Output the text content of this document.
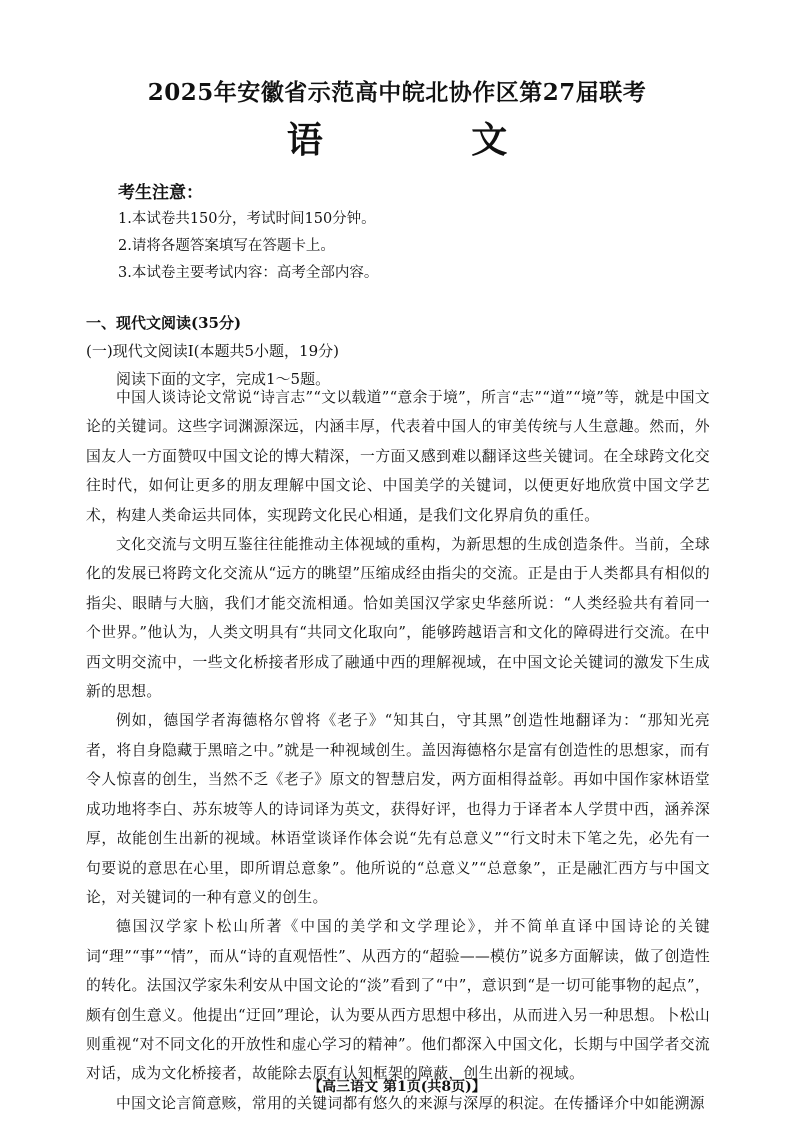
2025年安徽省示范高中皖北协作区第27届联考
语 文
考生注意：
1.本试卷共150分，考试时间150分钟。
2.请将各题答案填写在答题卡上。
3.本试卷主要考试内容：高考全部内容。
一、现代文阅读(35分)
(一)现代文阅读Ⅰ(本题共5小题，19分)
阅读下面的文字，完成1～5题。

中国人谈诗论文常说“诗言志”“文以载道”“意余于境”，所言“志”“道”“境”等，就是中国文论的关键词。这些字词渊源深远，内涵丰厚，代表着中国人的审美传统与人生意趣。然而，外国友人一方面赞叹中国文论的博大精深，一方面又感到难以翻译这些关键词。在全球跨文化交往时代，如何让更多的朋友理解中国文论、中国美学的关键词，以便更好地欣赏中国文学艺术，构建人类命运共同体，实现跨文化民心相通，是我们文化界肩负的重任。

文化交流与文明互鉴往往能推动主体视域的重构，为新思想的生成创造条件。当前，全球化的发展已将跨文化交流从“远方的眺望”压缩成经由指尖的交流。正是由于人类都具有相似的指尖、眼睛与大脑，我们才能交流相通。恰如美国汉学家史华慈所说：“人类经验共有着同一个世界。”他认为，人类文明具有“共同文化取向”，能够跨越语言和文化的障碍进行交流。在中西文明交流中，一些文化桥接者形成了融通中西的理解视域，在中国文论关键词的激发下生成新的思想。

例如，德国学者海德格尔曾将《老子》“知其白，守其黑”创造性地翻译为：“那知光亮者，将自身隐藏于黑暗之中。”就是一种视域创生。盖因海德格尔是富有创造性的思想家，而有令人惊喜的创生，当然不乏《老子》原文的智慧启发，两方面相得益彰。再如中国作家林语堂成功地将李白、苏东坡等人的诗词译为英文，获得好评，也得力于译者本人学贯中西，涵养深厚，故能创生出新的视域。林语堂谈译作体会说“先有总意义”“行文时未下笔之先，必先有一句要说的意思在心里，即所谓总意象”。他所说的“总意义”“总意象”，正是融汇西方与中国文论，对关键词的一种有意义的创生。

德国汉学家卜松山所著《中国的美学和文学理论》，并不简单直译中国诗论的关键词“理”“事”“情”，而从“诗的直观悟性”、从西方的“超验——模仿”说多方面解读，做了创造性的转化。法国汉学家朱利安从中国文论的“淡”看到了“中”，意识到“是一切可能事物的起点”，颇有创生意义。他提出“迂回”理论，认为要从西方思想中移出，从而进入另一种思想。卜松山则重视“对不同文化的开放性和虚心学习的精神”。他们都深入中国文化，长期与中国学者交流对话，成为文化桥接者，故能除去原有认知框架的障蔽，创生出新的视域。

中国文论言简意赅，常用的关键词都有悠久的来源与深厚的积淀。在传播译介中如能溯源

【高三语文 第1页(共8页)】
